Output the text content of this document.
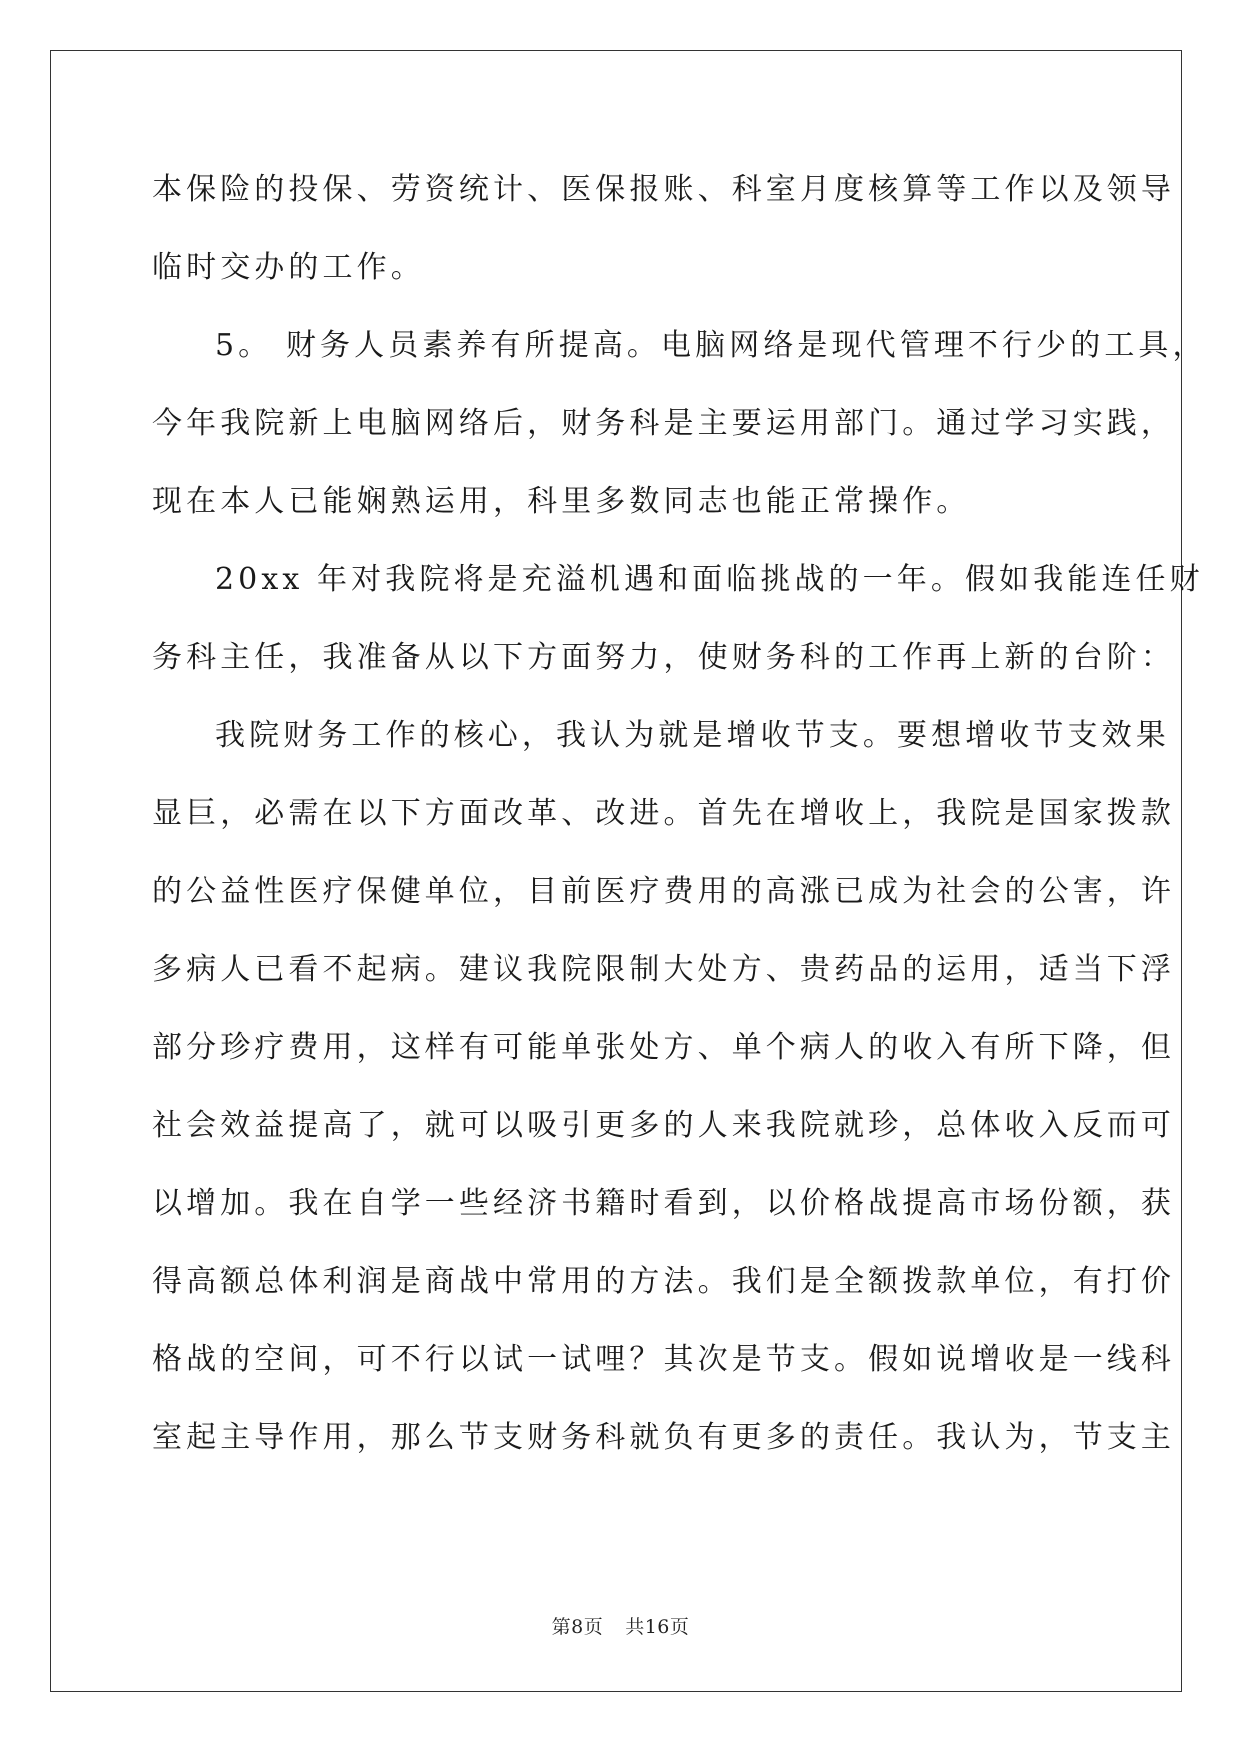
本保险的投保、劳资统计、医保报账、科室月度核算等工作以及领导
临时交办的工作。
5。 财务人员素养有所提高。电脑网络是现代管理不行少的工具，
今年我院新上电脑网络后，财务科是主要运用部门。通过学习实践，
现在本人已能娴熟运用，科里多数同志也能正常操作。
20xx 年对我院将是充溢机遇和面临挑战的一年。假如我能连任财
务科主任，我准备从以下方面努力，使财务科的工作再上新的台阶：
我院财务工作的核心，我认为就是增收节支。要想增收节支效果
显巨，必需在以下方面改革、改进。首先在增收上，我院是国家拨款
的公益性医疗保健单位，目前医疗费用的高涨已成为社会的公害，许
多病人已看不起病。建议我院限制大处方、贵药品的运用，适当下浮
部分珍疗费用，这样有可能单张处方、单个病人的收入有所下降，但
社会效益提高了，就可以吸引更多的人来我院就珍，总体收入反而可
以增加。我在自学一些经济书籍时看到，以价格战提高市场份额，获
得高额总体利润是商战中常用的方法。我们是全额拨款单位，有打价
格战的空间，可不行以试一试哩？其次是节支。假如说增收是一线科
室起主导作用，那么节支财务科就负有更多的责任。我认为，节支主
第8页 共16页
